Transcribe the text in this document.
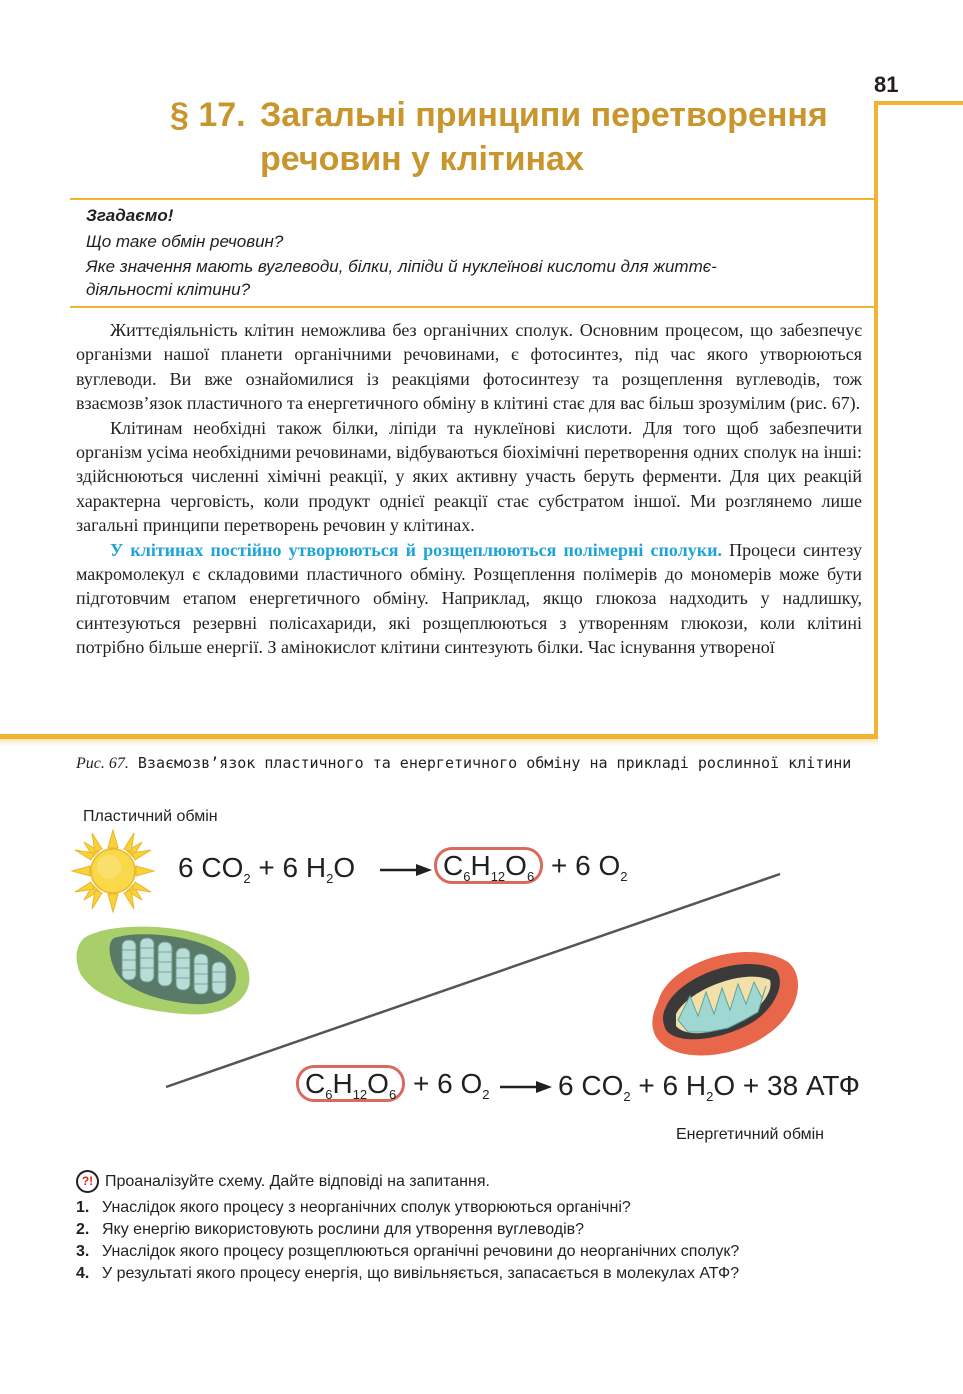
81
§ 17. Загальні принципи перетворення
речовин у клітинах
Згадаємо!
Що таке обмін речовин?
Яке значення мають вуглеводи, білки, ліпіди й нуклеїнові кислоти для життє-
діяльності клітини?

Життєдіяльність клітин неможлива без органічних сполук. Основним процесом, що забезпечує організми нашої планети органічними речовинами, є фотосинтез, під час якого утворюються вуглеводи. Ви вже ознайомилися із реакціями фотосинтезу та розщеплення вуглеводів, тож взаємозв’язок пластичного та енергетичного обміну в клітині стає для вас більш зрозумілим (рис. 67).

Клітинам необхідні також білки, ліпіди та нуклеїнові кислоти. Для того щоб забезпечити організм усіма необхідними речовинами, відбуваються біохімічні перетворення одних сполук на інші: здійснюються численні хімічні реакції, у яких активну участь беруть ферменти. Для цих реакцій характерна черговість, коли продукт однієї реакції стає субстратом іншої. Ми розглянемо лише загальні принципи перетворень речовин у клітинах.

У клітинах постійно утворюються й розщеплюються полімерні сполуки. Процеси синтезу макромолекул є складовими пластичного обміну. Розщеплення полімерів до мономерів може бути підготовчим етапом енергетичного обміну. Наприклад, якщо глюкоза надходить у надлишку, синтезуються резервні полісахариди, які розщеплюються з утворенням глюкози, коли клітині потрібно більше енергії. З амінокислот клітини синтезують білки. Час існування утвореної

Рис. 67. Взаємозв’язок пластичного та енергетичного обміну на прикладі рослинної клітини
Пластичний обмін
Енергетичний обмін
6 $CO_2 + 6$ $H_2O$	$C_6H_{12}O_6 + 6$ $O_2$
$C_6H_{12}O_6 + 6$ $O_2$ 6 $CO_2 + 6$ $H_2O + 38$ АТФ
?! Проаналізуйте схему. Дайте відповіді на запитання.
1. Унаслідок якого процесу з неорганічних сполук утворюються органічні?
2. Яку енергію використовують рослини для утворення вуглеводів?
3. Унаслідок якого процесу розщеплюються органічні речовини до неорганічних сполук?
4. У результаті якого процесу енергія, що вивільняється, запасається в молекулах АТФ?
